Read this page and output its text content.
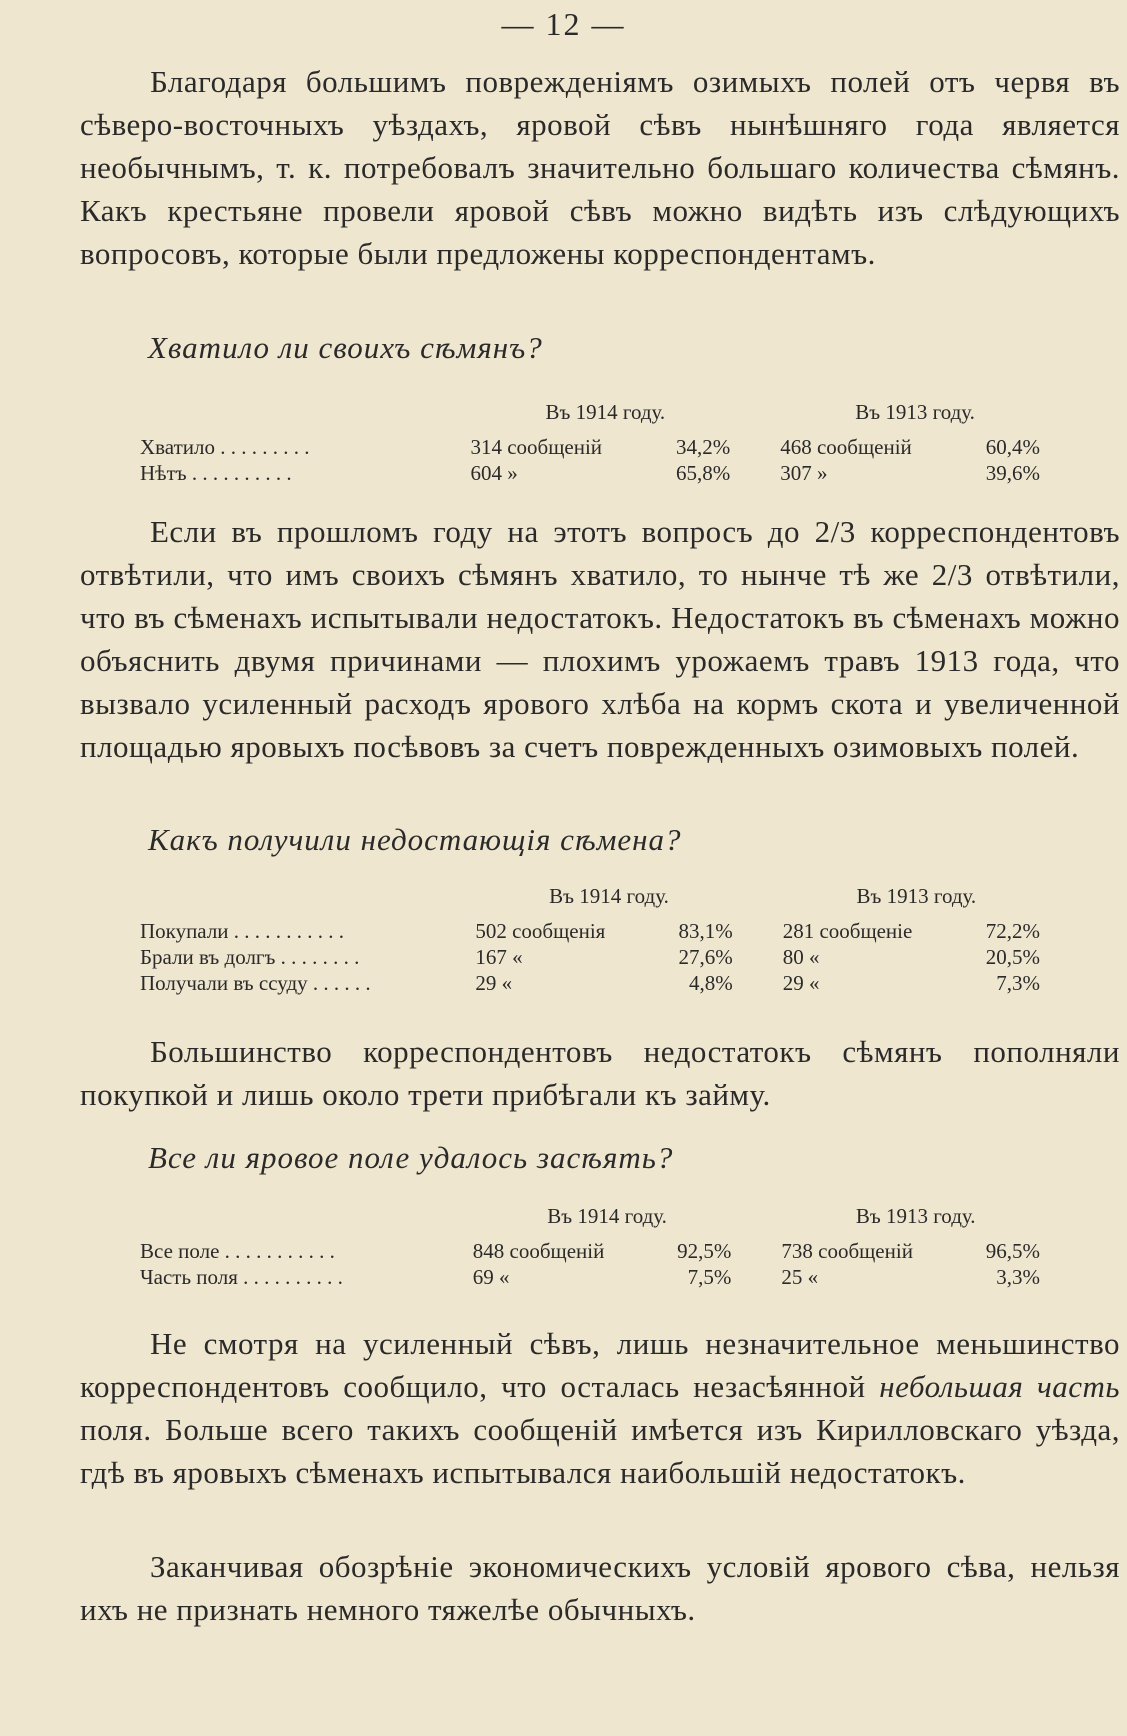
— 12 —

Благодаря большимъ поврежденіямъ озимыхъ полей отъ червя въ сѣверо-восточныхъ уѣздахъ, яровой сѣвъ нынѣшняго года является необычнымъ, т. к. потребовалъ значительно большаго количества сѣмянъ. Какъ крестьяне провели яровой сѣвъ можно видѣть изъ слѣдующихъ вопросовъ, которые были предложены корреспондентамъ.

Хватило ли своихъ сѣмянъ?
	Въ 1914 году.		Въ 1913 году.	
Хватило . . . . . . . . .	314 сообщеній	34,2%	468 сообщеній	60,4%
Нѣтъ . . . . . . . . . .	604 »	65,8%	307 »	39,6%

Если въ прошломъ году на этотъ вопросъ до 2/3 корреспондентовъ отвѣтили, что имъ своихъ сѣмянъ хватило, то нынче тѣ же 2/3 отвѣтили, что въ сѣменахъ испытывали недостатокъ. Недостатокъ въ сѣменахъ можно объяснить двумя причинами — плохимъ урожаемъ травъ 1913 года, что вызвало усиленный расходъ ярового хлѣба на кормъ скота и увеличенной площадью яровыхъ посѣвовъ за счетъ поврежденныхъ озимовыхъ полей.

Какъ получили недостающія сѣмена?
	Въ 1914 году.		Въ 1913 году.	
Покупали . . . . . . . . . . .	502 сообщенія	83,1%	281 сообщеніе	72,2%
Брали въ долгъ . . . . . . . .	167 «	27,6%	80 «	20,5%
Получали въ ссуду . . . . . .	29 «	4,8%	29 «	7,3%

Большинство корреспондентовъ недостатокъ сѣмянъ пополняли покупкой и лишь около трети прибѣгали къ займу.

Все ли яровое поле удалось засѣять?
	Въ 1914 году.		Въ 1913 году.	
Все поле . . . . . . . . . . .	848 сообщеній	92,5%	738 сообщеній	96,5%
Часть поля . . . . . . . . . .	69 «	7,5%	25 «	3,3%

Не смотря на усиленный сѣвъ, лишь незначительное меньшинство корреспондентовъ сообщило, что осталась незасѣянной небольшая часть поля. Больше всего такихъ сообщеній имѣется изъ Кирилловскаго уѣзда, гдѣ въ яровыхъ сѣменахъ испытывался наибольшій недостатокъ.

Заканчивая обозрѣніе экономическихъ условій ярового сѣва, нельзя ихъ не признать немного тяжелѣе обычныхъ.
